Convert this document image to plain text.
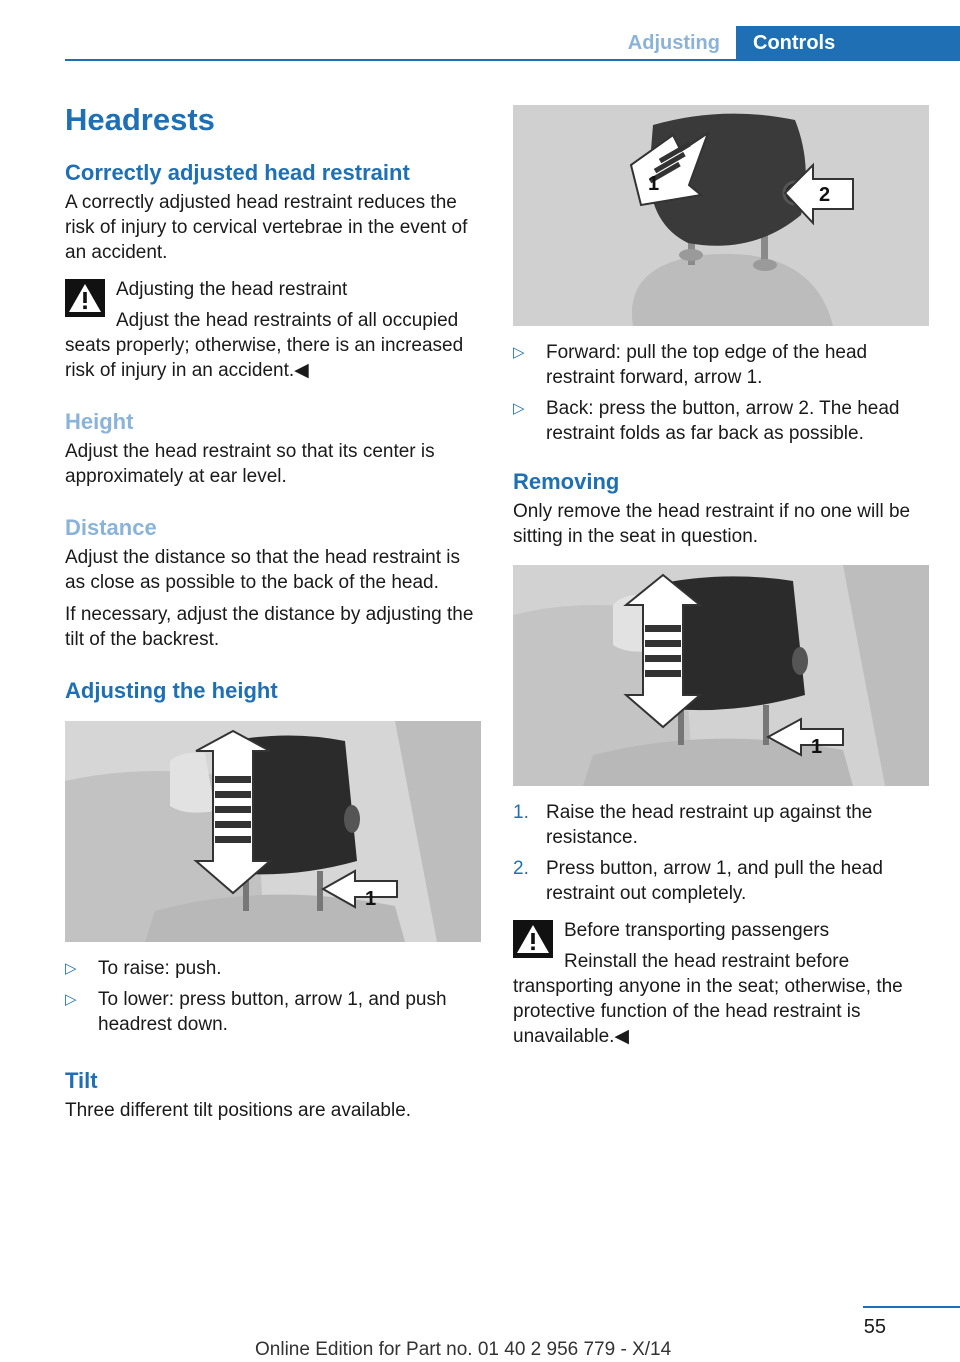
Adjusting	Controls
Headrests
Correctly adjusted head restraint

A correctly adjusted head restraint reduces the risk of injury to cervical vertebrae in the event of an accident.

Adjusting the head restraint

Adjust the head restraints of all occupied seats properly; otherwise, there is an increased risk of injury in an accident.◀

Height

Adjust the head restraint so that its center is approximately at ear level.

Distance

Adjust the distance so that the head restraint is as close as possible to the back of the head.

If necessary, adjust the distance by adjusting the tilt of the backrest.

Adjusting the height
1
▷ To raise: push.
▷ To lower: press button, arrow 1, and push headrest down.
Tilt

Three different tilt positions are available.

1	2
▷ Forward: pull the top edge of the head restraint forward, arrow 1.
▷ Back: press the button, arrow 2. The head restraint folds as far back as possible.
Removing

Only remove the head restraint if no one will be sitting in the seat in question.

1
1. Raise the head restraint up against the resistance.
2. Press button, arrow 1, and pull the head restraint out completely.
Before transporting passengers

Reinstall the head restraint before transporting anyone in the seat; otherwise, the protective function of the head restraint is unavailable.◀

55
Online Edition for Part no. 01 40 2 956 779 - X/14
